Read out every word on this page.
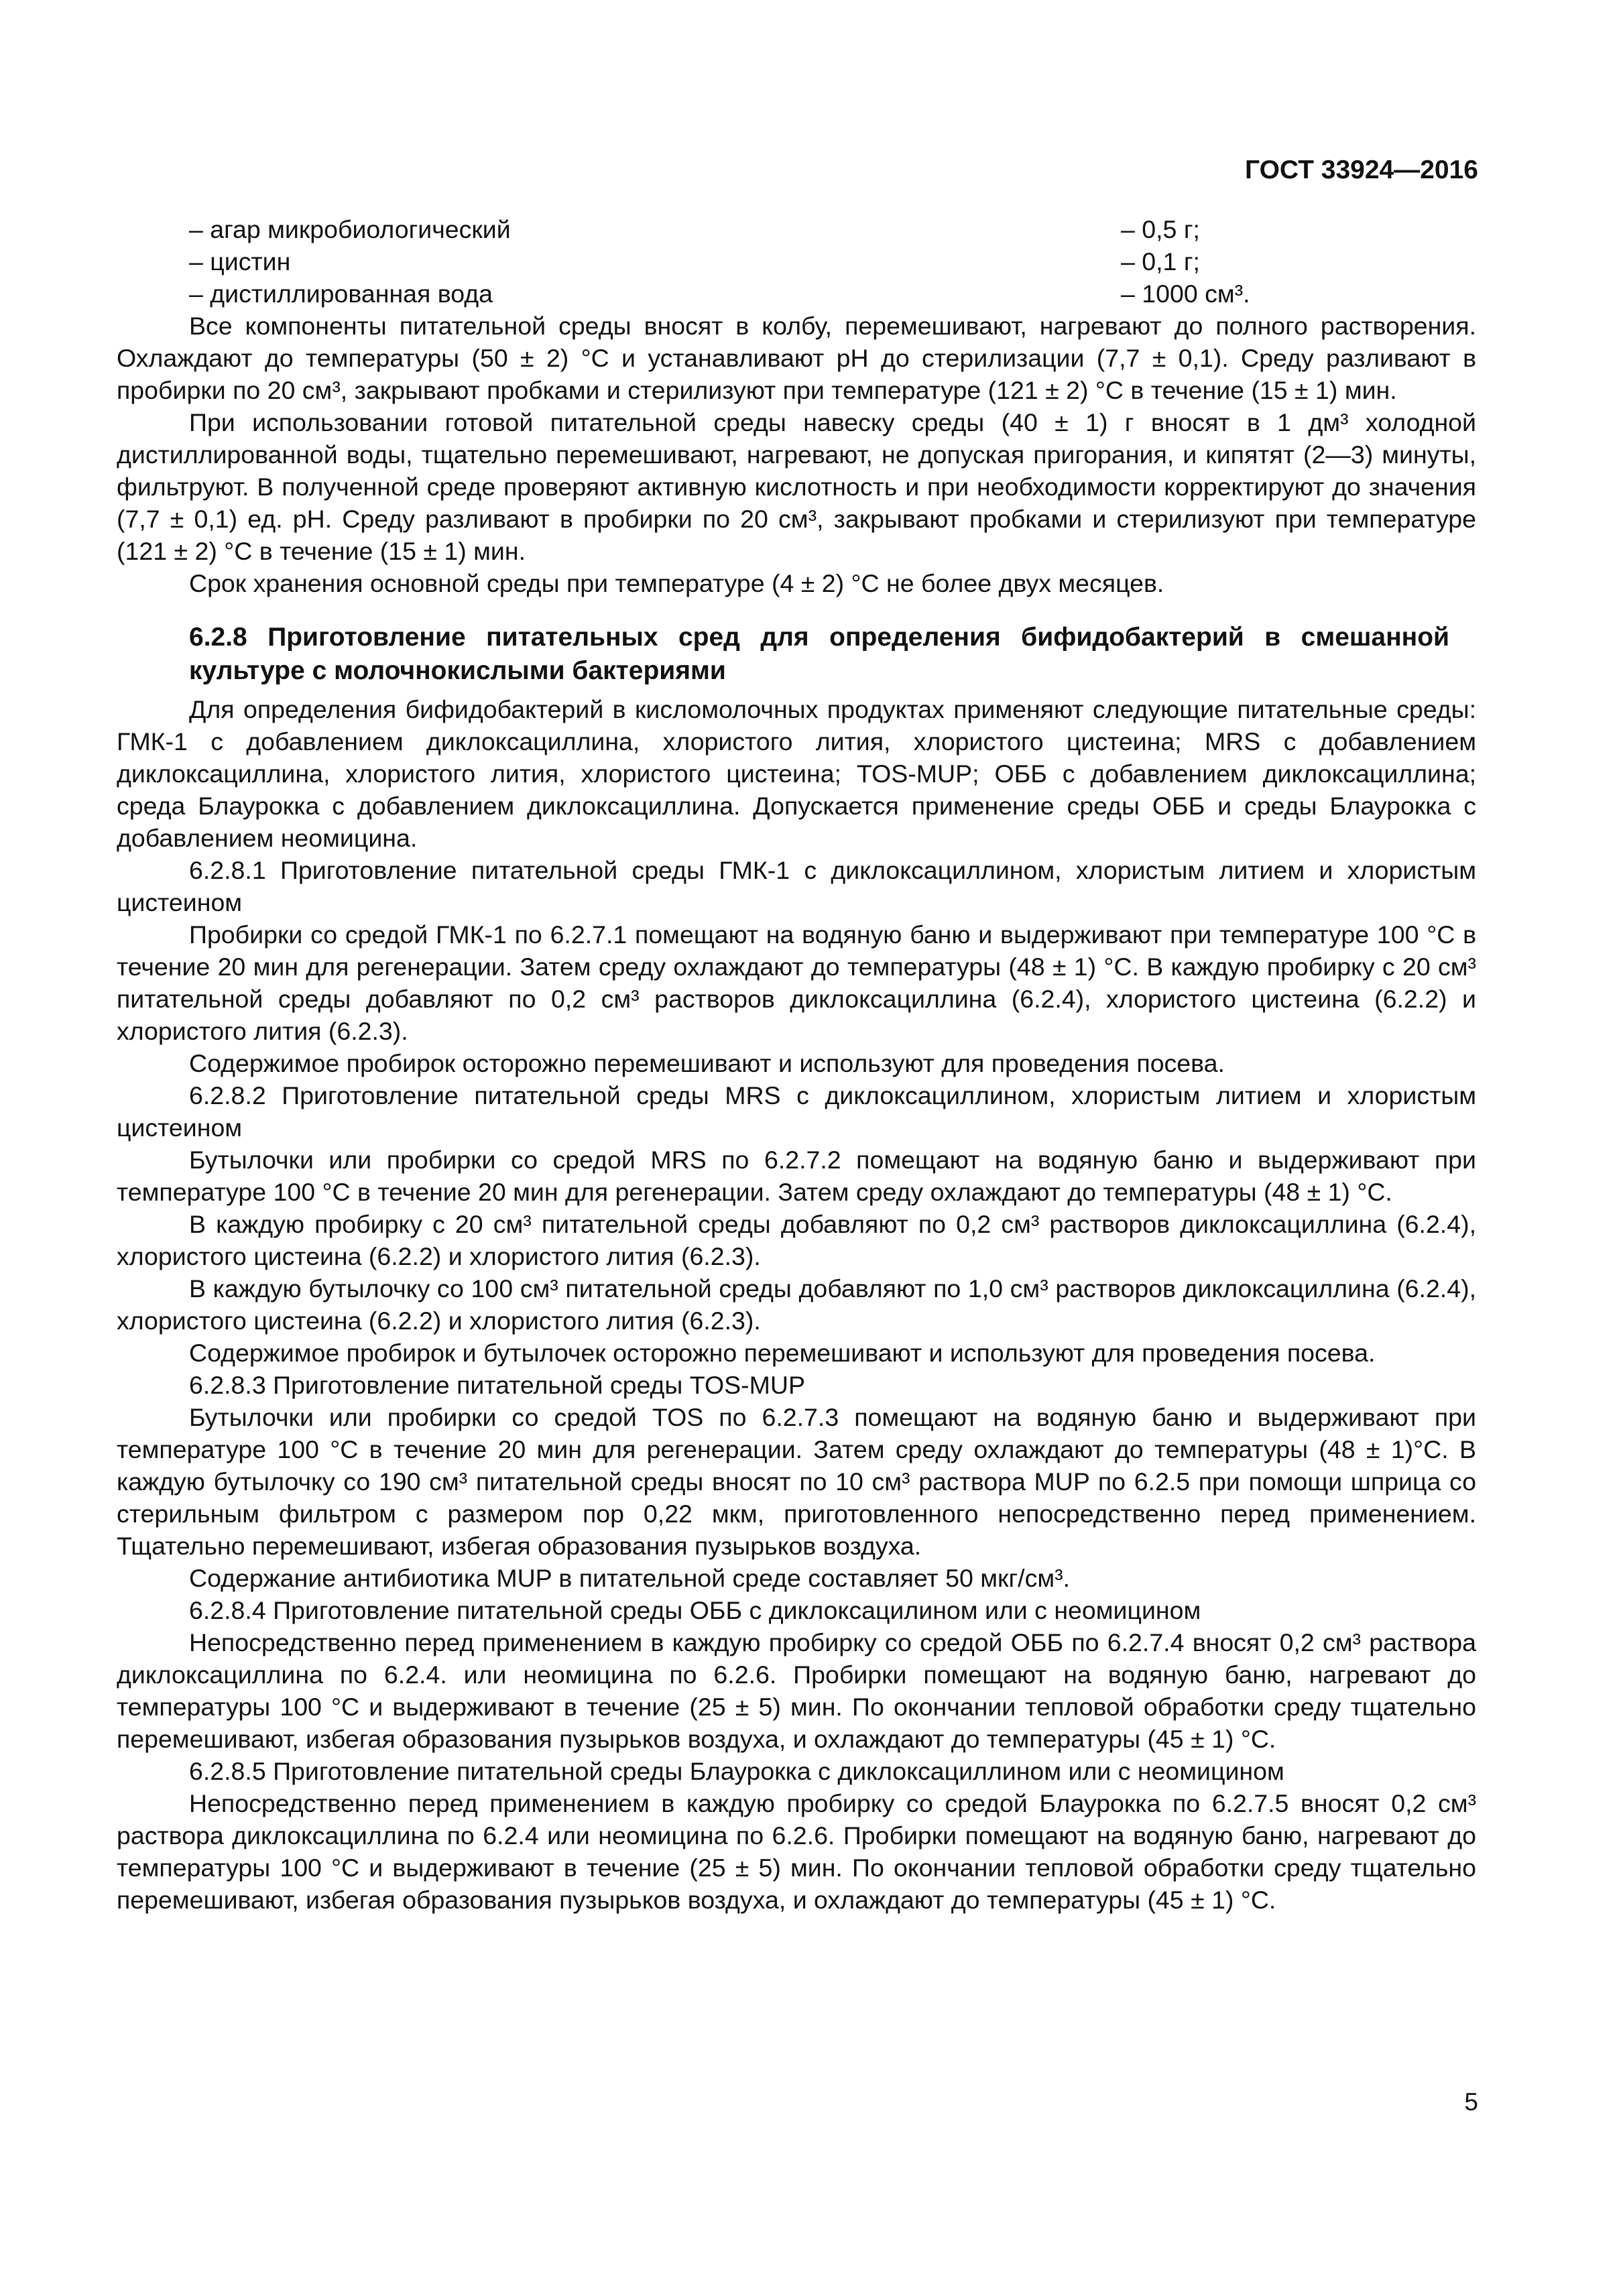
ГОСТ 33924—2016
– агар микробиологический	– 0,5 г;
– цистин	– 0,1 г;
– дистиллированная вода	– 1000 см³.

Все компоненты питательной среды вносят в колбу, перемешивают, нагревают до полного растворения. Охлаждают до температуры (50 ± 2) °С и устанавливают рН до стерилизации (7,7 ± 0,1). Среду разливают в пробирки по 20 см³, закрывают пробками и стерилизуют при температуре (121 ± 2) °С в течение (15 ± 1) мин.

При использовании готовой питательной среды навеску среды (40 ± 1) г вносят в 1 дм³ холодной дистиллированной воды, тщательно перемешивают, нагревают, не допуская пригорания, и кипятят (2—3) минуты, фильтруют. В полученной среде проверяют активную кислотность и при необходимости корректируют до значения (7,7 ± 0,1) ед. рН. Среду разливают в пробирки по 20 см³, закрывают пробками и стерилизуют при температуре (121 ± 2) °С в течение (15 ± 1) мин.

Срок хранения основной среды при температуре (4 ± 2) °С не более двух месяцев.

6.2.8 Приготовление питательных сред для определения бифидобактерий в смешанной культуре с молочнокислыми бактериями

Для определения бифидобактерий в кисломолочных продуктах применяют следующие питательные среды: ГМК-1 с добавлением диклоксациллина, хлористого лития, хлористого цистеина; MRS с добавлением диклоксациллина, хлористого лития, хлористого цистеина; TOS-MUP; ОББ с добавлением диклоксациллина; среда Блаурокка с добавлением диклоксациллина. Допускается применение среды ОББ и среды Блаурокка с добавлением неомицина.

6.2.8.1 Приготовление питательной среды ГМК-1 с диклоксациллином, хлористым литием и хлористым цистеином

Пробирки со средой ГМК-1 по 6.2.7.1 помещают на водяную баню и выдерживают при температуре 100 °С в течение 20 мин для регенерации. Затем среду охлаждают до температуры (48 ± 1) °С. В каждую пробирку с 20 см³ питательной среды добавляют по 0,2 см³ растворов диклоксациллина (6.2.4), хлористого цистеина (6.2.2) и хлористого лития (6.2.3).

Содержимое пробирок осторожно перемешивают и используют для проведения посева.

6.2.8.2 Приготовление питательной среды MRS с диклоксациллином, хлористым литием и хлористым цистеином

Бутылочки или пробирки со средой MRS по 6.2.7.2 помещают на водяную баню и выдерживают при температуре 100 °С в течение 20 мин для регенерации. Затем среду охлаждают до температуры (48 ± 1) °С.

В каждую пробирку с 20 см³ питательной среды добавляют по 0,2 см³ растворов диклоксациллина (6.2.4), хлористого цистеина (6.2.2) и хлористого лития (6.2.3).

В каждую бутылочку со 100 см³ питательной среды добавляют по 1,0 см³ растворов диклоксациллина (6.2.4), хлористого цистеина (6.2.2) и хлористого лития (6.2.3).

Содержимое пробирок и бутылочек осторожно перемешивают и используют для проведения посева.

6.2.8.3 Приготовление питательной среды TOS-MUP

Бутылочки или пробирки со средой TOS по 6.2.7.3 помещают на водяную баню и выдерживают при температуре 100 °С в течение 20 мин для регенерации. Затем среду охлаждают до температуры (48 ± 1)°С. В каждую бутылочку со 190 см³ питательной среды вносят по 10 см³ раствора MUP по 6.2.5 при помощи шприца со стерильным фильтром с размером пор 0,22 мкм, приготовленного непосредственно перед применением. Тщательно перемешивают, избегая образования пузырьков воздуха.

Содержание антибиотика MUP в питательной среде составляет 50 мкг/см³.

6.2.8.4 Приготовление питательной среды ОББ с диклоксацилином или с неомицином

Непосредственно перед применением в каждую пробирку со средой ОББ по 6.2.7.4 вносят 0,2 см³ раствора диклоксациллина по 6.2.4. или неомицина по 6.2.6. Пробирки помещают на водяную баню, нагревают до температуры 100 °С и выдерживают в течение (25 ± 5) мин. По окончании тепловой обработки среду тщательно перемешивают, избегая образования пузырьков воздуха, и охлаждают до температуры (45 ± 1) °С.

6.2.8.5 Приготовление питательной среды Блаурокка с диклоксациллином или с неомицином

Непосредственно перед применением в каждую пробирку со средой Блаурокка по 6.2.7.5 вносят 0,2 см³ раствора диклоксациллина по 6.2.4 или неомицина по 6.2.6. Пробирки помещают на водяную баню, нагревают до температуры 100 °С и выдерживают в течение (25 ± 5) мин. По окончании тепловой обработки среду тщательно перемешивают, избегая образования пузырьков воздуха, и охлаждают до температуры (45 ± 1) °С.

5
